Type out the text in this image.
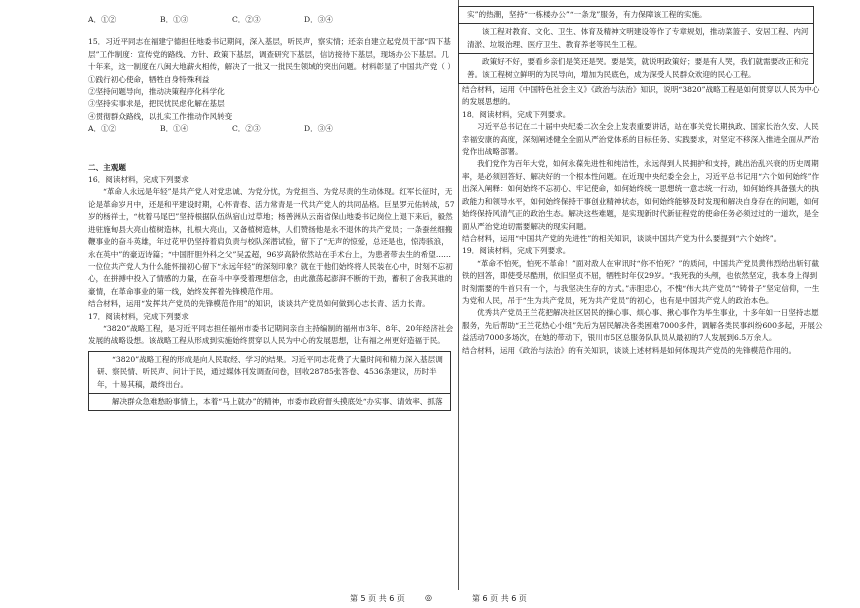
A．①②	B．①③	C．②③	D．③④

15．习近平同志在福建宁德担任地委书记期间，深入基层，听民声，察实情；还亲自建立起党员干部“四下基层”工作制度：宣传党的路线、方针、政策下基层，调查研究下基层，信访接待下基层，现场办公下基层。几十年来，这一制度在八闽大地薪火相传，解决了一批又一批民生领域的突出问题。材料彰显了中国共产党（ ）

①践行初心使命，牺牲自身特殊利益

②坚持问题导向，推动决策程序化科学化

③坚持实事求是，把民忧民虑化解在基层

④贯彻群众路线，以扎实工作推动作风转变

A．①②	B．①④	C．②③	D．③④

二、主观题

16．阅读材料，完成下列要求

“革命人永远是年轻”是共产党人对党忠诚、为党分忧，为党担当、为党尽责的生动体现。红军长征时，无论是革命岁月中，还是和平建设时期，心怀青春、活力常青是一代共产党人的共同品格。巨星罗元佑转战，57岁的杨祥士，“枕着马尾巴”坚持根据队伍纵宿山过草地；杨善洲从云南省保山地委书记岗位上退下来后，毅然进驻施甸县大亮山植树造林，扎根大亮山，又备植树造林，人们赞扬他是永不退休的共产党员；一条蚕丝细搬鞭事业的奋斗英雄，年过花甲仍坚持着肩负责与校队深潜试验，留下了“无声的惊爱，总还是也，惊涛骇浪，永在英中”的豪迈诗篇；“中国肝胆外科之父”吴孟超，96岁高龄依然站在手术台上，为患者带去生的希望……一位位共产党人为什么能怀揣初心留下“永远年轻”的深刻印象？就在于他们始终将人民装在心中，时刻不忘初心，在拼搏中投入了情感的力量，在奋斗中享受着理想信念，由此激荡起澎湃不断的干劲，蓄积了舍我其谁的豪情，在革命事业的第一线，始终发挥着先锋模范作用。

结合材料，运用“发挥共产党员的先锋模范作用”的知识，谈谈共产党员如何做到心志长青、活力长青。

17．阅读材料，完成下列要求

“3820”战略工程，是习近平同志担任福州市委书记期间亲自主持编制的福州市3年、8年、20年经济社会发展的战略设想。该战略工程从形成到实施始终贯穿以人民为中心的发展思想，让有福之州更好造福于民。

“3820”战略工程的形成是向人民取经、学习的结果。习近平同志花费了大量时间和精力深入基层调研、察民情、听民声、问计于民，通过媒体刊发调查问卷，回收28785张答卷、4536条建议，历时半年，十易其稿，最终出台。

解决群众急难愁盼事情上，本着“马上就办”的精神，市委市政府督头摸底处“办实事、请效率、抓落

实”的热潮，坚持“一栋楼办公”“一条龙”服务，有力保障该工程的实施。

该工程对教育、文化、卫生、体育及精神文明建设等作了专章规划，推动菜篮子、安居工程、内河清淤、垃圾治理、医疗卫生、教育养老等民生工程。

政策好不好，要看乡亲们是笑还是哭。要是笑，就说明政策好；要是有人哭，我们就需要改正和完善。该工程树立鲜明的为民导向，增加为民底色，成为深受人民群众欢迎的民心工程。

结合材料，运用《中国特色社会主义》《政治与法治》知识，说明“3820”战略工程是如何贯穿以人民为中心的发展思想的。

18．阅读材料，完成下列要求。

习近平总书记在二十届中央纪委二次全会上发表重要讲话，站在事关党长期执政、国家长治久安、人民幸福安康的高度，深刻阐述健全全面从严治党体系的目标任务、实践要求，对坚定不移深入推进全面从严治党作出战略部署。

我们党作为百年大党，如何永葆先进性和纯洁性，永远得到人民拥护和支持，跳出治乱兴衰的历史周期率，是必须回答好、解决好的一个根本性问题。在近现中央纪委全会上，习近平总书记用“六个如何始终”作出深入阐释：如何始终不忘初心、牢记使命，如何始终统一思想统一意志统一行动，如何始终具备强大的执政能力和领导水平，如何始终保持干事创业精神状态，如何始终能够及时发现和解决自身存在的问题，如何始终保持风清气正的政治生态。解决这些难题，是实现新时代新征程党的使命任务必须过过的一道坎，是全面从严治党迫切需要解决的现实问题。

结合材料，运用“中国共产党的先进性”的相关知识，谈谈中国共产党为什么要提到“六个始终”。

19．阅读材料，完成下列要求。

“革命不怕死，怕死不革命！”面对敌人在审讯时“你不怕死？”的质问，中国共产党员黄伟烈给出斩钉截铁的回答，即使受尽酷刑，依旧坚贞不屈，牺牲时年仅29岁。“我死我的头颅，也依然坚定，我本身上得到时刻需要的牛首只有一个，与我坚决生存的方式。”赤胆忠心，不愧“伟大共产党员”“铸骨子”坚定信仰，一生为党和人民，吊于“生为共产党员，死为共产党员”的初心，也有是中国共产党人的政治本色。

优秀共产党员王兰花把解决社区居民的操心事、烦心事、揪心事作为毕生事业，十多年如一日坚持志愿服务，先后帮助“王兰花热心小组”先后为居民解决各类困难7000多件，调解各类民事纠纷600多起，开展公益活动7000多场次，在她的带动下，银川市5区总服务队队员从最初的7人发展到6.5万余人。

结合材料，运用《政治与法治》的有关知识，谈谈上述材料是如何体现共产党员的先锋模范作用的。

第 5 页 共 6 页	◎	第 6 页 共 6 页
